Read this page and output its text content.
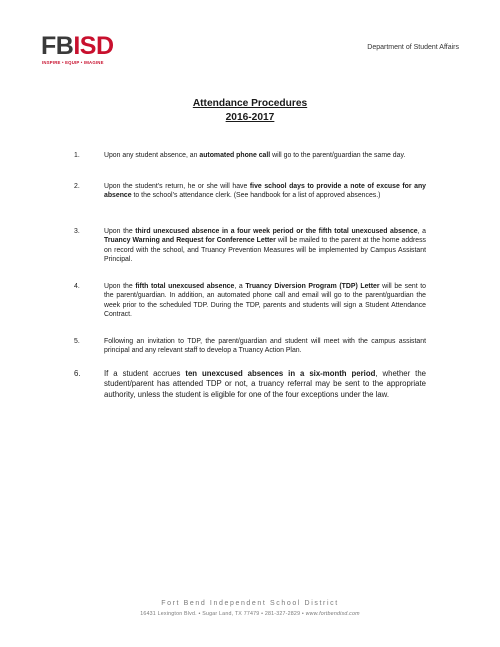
FBISD
INSPIRE • EQUIP • IMAGINE
Department of Student Affairs
Attendance Procedures
2016-2017
1.	Upon any student absence, an automated phone call will go to the parent/guardian the same day.
2.	Upon the student’s return, he or she will have five school days to provide a note of excuse for any absence to the school’s attendance clerk. (See handbook for a list of approved absences.)
3.	Upon the third unexcused absence in a four week period or the fifth total unexcused absence, a Truancy Warning and Request for Conference Letter will be mailed to the parent at the home address on record with the school, and Truancy Prevention Measures will be implemented by Campus Assistant Principal.
4.	Upon the fifth total unexcused absence, a Truancy Diversion Program (TDP) Letter will be sent to the parent/guardian. In addition, an automated phone call and email will go to the parent/guardian the week prior to the scheduled TDP. During the TDP, parents and students will sign a Student Attendance Contract.
5.	Following an invitation to TDP, the parent/guardian and student will meet with the campus assistant principal and any relevant staff to develop a Truancy Action Plan.
6.	If a student accrues ten unexcused absences in a six-month period, whether the student/parent has attended TDP or not, a truancy referral may be sent to the appropriate authority, unless the student is eligible for one of the four exceptions under the law.
Fort Bend Independent School District
16431 Lexington Blvd. • Sugar Land, TX 77479 • 281-327-2829 • www.fortbendisd.com
